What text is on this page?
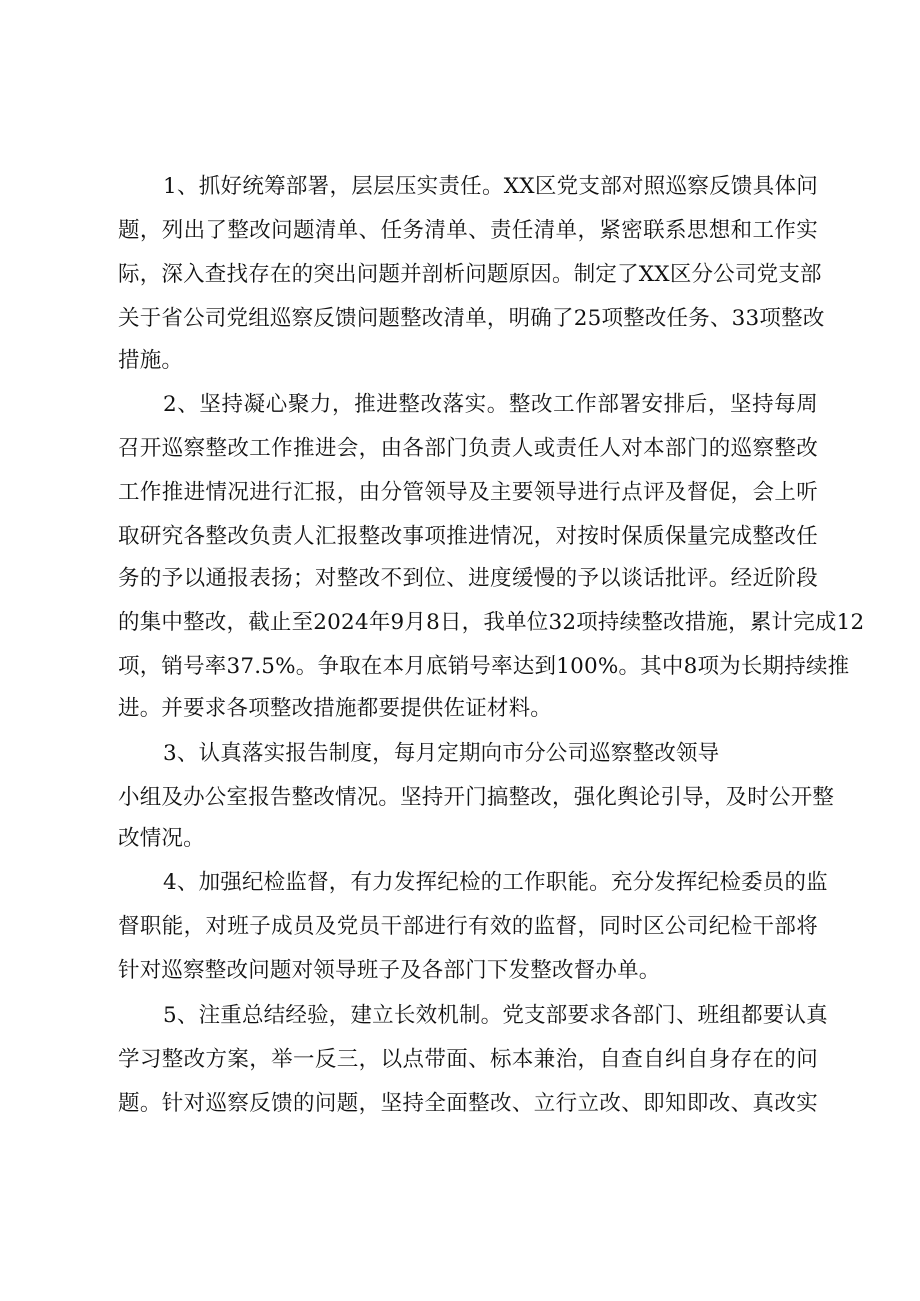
1、抓好统筹部署，层层压实责任。XX区党支部对照巡察反馈具体问
题，列出了整改问题清单、任务清单、责任清单，紧密联系思想和工作实
际，深入查找存在的突出问题并剖析问题原因。制定了XX区分公司党支部
关于省公司党组巡察反馈问题整改清单，明确了25项整改任务、33项整改
措施。
2、坚持凝心聚力，推进整改落实。整改工作部署安排后，坚持每周
召开巡察整改工作推进会，由各部门负责人或责任人对本部门的巡察整改
工作推进情况进行汇报，由分管领导及主要领导进行点评及督促，会上听
取研究各整改负责人汇报整改事项推进情况，对按时保质保量完成整改任
务的予以通报表扬；对整改不到位、进度缓慢的予以谈话批评。经近阶段
的集中整改，截止至2024年9月8日，我单位32项持续整改措施，累计完成12
项，销号率37.5%。争取在本月底销号率达到100%。其中8项为长期持续推
进。并要求各项整改措施都要提供佐证材料。
3、认真落实报告制度，每月定期向市分公司巡察整改领导
小组及办公室报告整改情况。坚持开门搞整改，强化舆论引导，及时公开整
改情况。
4、加强纪检监督，有力发挥纪检的工作职能。充分发挥纪检委员的监
督职能，对班子成员及党员干部进行有效的监督，同时区公司纪检干部将
针对巡察整改问题对领导班子及各部门下发整改督办单。
5、注重总结经验，建立长效机制。党支部要求各部门、班组都要认真
学习整改方案，举一反三，以点带面、标本兼治，自查自纠自身存在的问
题。针对巡察反馈的问题，坚持全面整改、立行立改、即知即改、真改实
